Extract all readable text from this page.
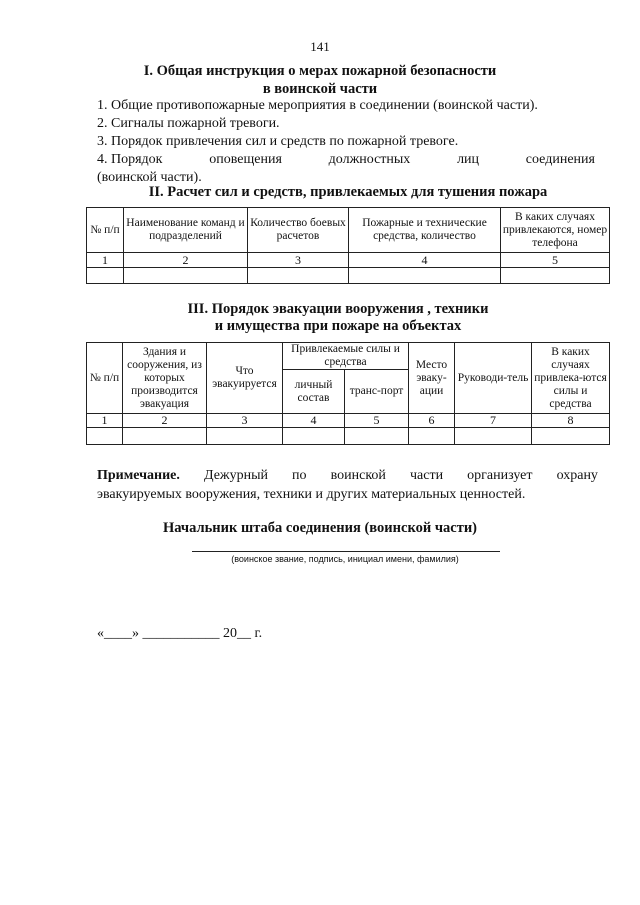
141
I. Общая инструкция о мерах пожарной безопасности
в воинской части
1. Общие противопожарные мероприятия в соединении (воинской части).
2. Сигналы пожарной тревоги.
3. Порядок привлечения сил и средств по пожарной тревоге.
4. Порядок	оповещения	должностных	лиц	соединения
(воинской части).
II. Расчет сил и средств, привлекаемых для тушения пожара
№ п/п	Наименование команд и подразделений	Количество боевых расчетов	Пожарные и технические средства, количество	В каких случаях привлекаются, номер телефона
1	2	3	4	5

III. Порядок эвакуации вооружения , техники
и имущества при пожаре на объектах
№ п/п	Здания и сооружения, из которых производится эвакуация	Что эвакуируется	Привлекаемые силы и средства		Место эваку-ации	Руководи-тель	В каких случаях привлека-ются силы и средства
			личный состав	транс-порт			
1	2	3	4	5	6	7	8

Примечание. Дежурный по воинской части организует охрану
эвакуируемых вооружения, техники и других материальных ценностей.
Начальник штаба соединения (воинской части)
(воинское звание, подпись, инициал имени, фамилия)
«____» ___________ 20__ г.
